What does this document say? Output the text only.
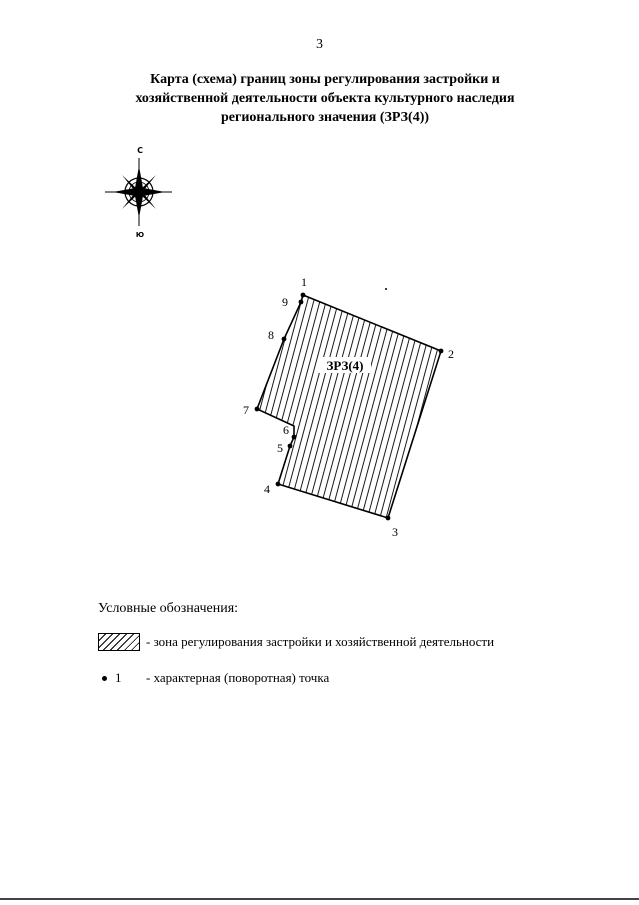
3
Карта (схема) границ зоны регулирования застройки и
хозяйственной деятельности объекта культурного наследия
регионального значения (ЗРЗ(4))
С
Ю
ЗРЗ(4)
1
2
3
4
5
6
7
8
9
Условные обозначения:
- зона регулирования застройки и хозяйственной деятельности
1 - характерная (поворотная) точка
